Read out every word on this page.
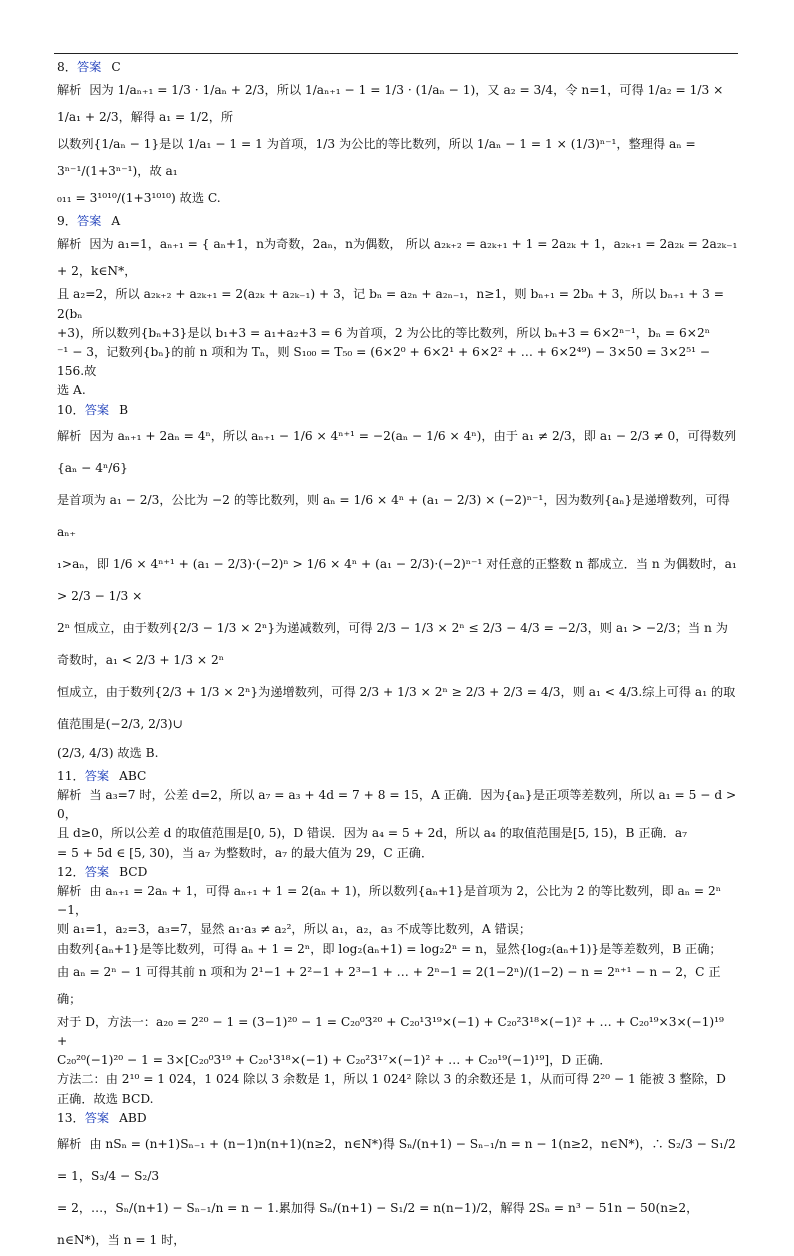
8．答案 C

解析 因为 1/aₙ₊₁ = 1/3 · 1/aₙ + 2/3，所以 1/aₙ₊₁ − 1 = 1/3 · (1/aₙ − 1)，又 a₂ = 3/4，令 n=1，可得 1/a₂ = 1/3 × 1/a₁ + 2/3，解得 a₁ = 1/2，所

以数列{1/aₙ − 1}是以 1/a₁ − 1 = 1 为首项，1/3 为公比的等比数列，所以 1/aₙ − 1 = 1 × (1/3)ⁿ⁻¹，整理得 aₙ = 3ⁿ⁻¹/(1+3ⁿ⁻¹)，故 a₁

₀₁₁ = 3¹⁰¹⁰/(1+3¹⁰¹⁰) 故选 C.

9．答案 A

解析 因为 a₁=1，aₙ₊₁ = { aₙ+1，n为奇数，2aₙ，n为偶数， 所以 a₂ₖ₊₂ = a₂ₖ₊₁ + 1 = 2a₂ₖ + 1，a₂ₖ₊₁ = 2a₂ₖ = 2a₂ₖ₋₁ + 2，k∈N*，

且 a₂=2，所以 a₂ₖ₊₂ + a₂ₖ₊₁ = 2(a₂ₖ + a₂ₖ₋₁) + 3，记 bₙ = a₂ₙ + a₂ₙ₋₁，n≥1，则 bₙ₊₁ = 2bₙ + 3，所以 bₙ₊₁ + 3 = 2(bₙ

+3)，所以数列{bₙ+3}是以 b₁+3 = a₁+a₂+3 = 6 为首项，2 为公比的等比数列，所以 bₙ+3 = 6×2ⁿ⁻¹，bₙ = 6×2ⁿ

⁻¹ − 3，记数列{bₙ}的前 n 项和为 Tₙ，则 S₁₀₀ = T₅₀ = (6×2⁰ + 6×2¹ + 6×2² + … + 6×2⁴⁹) − 3×50 = 3×2⁵¹ − 156.故

选 A.

10．答案 B

解析 因为 aₙ₊₁ + 2aₙ = 4ⁿ，所以 aₙ₊₁ − 1/6 × 4ⁿ⁺¹ = −2(aₙ − 1/6 × 4ⁿ)，由于 a₁ ≠ 2/3，即 a₁ − 2/3 ≠ 0，可得数列{aₙ − 4ⁿ/6}

是首项为 a₁ − 2/3，公比为 −2 的等比数列，则 aₙ = 1/6 × 4ⁿ + (a₁ − 2/3) × (−2)ⁿ⁻¹，因为数列{aₙ}是递增数列，可得 aₙ₊

₁>aₙ，即 1/6 × 4ⁿ⁺¹ + (a₁ − 2/3)·(−2)ⁿ > 1/6 × 4ⁿ + (a₁ − 2/3)·(−2)ⁿ⁻¹ 对任意的正整数 n 都成立．当 n 为偶数时，a₁ > 2/3 − 1/3 ×

2ⁿ 恒成立，由于数列{2/3 − 1/3 × 2ⁿ}为递减数列，可得 2/3 − 1/3 × 2ⁿ ≤ 2/3 − 4/3 = −2/3，则 a₁ > −2/3；当 n 为奇数时，a₁ < 2/3 + 1/3 × 2ⁿ

恒成立，由于数列{2/3 + 1/3 × 2ⁿ}为递增数列，可得 2/3 + 1/3 × 2ⁿ ≥ 2/3 + 2/3 = 4/3，则 a₁ < 4/3.综上可得 a₁ 的取值范围是(−2/3, 2/3)∪

(2/3, 4/3) 故选 B.

11．答案 ABC

解析 当 a₃=7 时，公差 d=2，所以 a₇ = a₃ + 4d = 7 + 8 = 15，A 正确．因为{aₙ}是正项等差数列，所以 a₁ = 5 − d > 0，

且 d≥0，所以公差 d 的取值范围是[0, 5)，D 错误．因为 a₄ = 5 + 2d，所以 a₄ 的取值范围是[5, 15)，B 正确．a₇

= 5 + 5d ∈ [5, 30)，当 a₇ 为整数时，a₇ 的最大值为 29，C 正确．

12．答案 BCD

解析 由 aₙ₊₁ = 2aₙ + 1，可得 aₙ₊₁ + 1 = 2(aₙ + 1)，所以数列{aₙ+1}是首项为 2，公比为 2 的等比数列，即 aₙ = 2ⁿ

−1，

则 a₁=1，a₂=3，a₃=7，显然 a₁·a₃ ≠ a₂²，所以 a₁，a₂，a₃ 不成等比数列，A 错误；

由数列{aₙ+1}是等比数列，可得 aₙ + 1 = 2ⁿ，即 log₂(aₙ+1) = log₂2ⁿ = n，显然{log₂(aₙ+1)}是等差数列，B 正确；

由 aₙ = 2ⁿ − 1 可得其前 n 项和为 2¹−1 + 2²−1 + 2³−1 + … + 2ⁿ−1 = 2(1−2ⁿ)/(1−2) − n = 2ⁿ⁺¹ − n − 2，C 正确；

对于 D，方法一：a₂₀ = 2²⁰ − 1 = (3−1)²⁰ − 1 = C₂₀⁰3²⁰ + C₂₀¹3¹⁹×(−1) + C₂₀²3¹⁸×(−1)² + … + C₂₀¹⁹×3×(−1)¹⁹ +

C₂₀²⁰(−1)²⁰ − 1 = 3×[C₂₀⁰3¹⁹ + C₂₀¹3¹⁸×(−1) + C₂₀²3¹⁷×(−1)² + … + C₂₀¹⁹(−1)¹⁹]，D 正确．

方法二：由 2¹⁰ = 1 024，1 024 除以 3 余数是 1，所以 1 024² 除以 3 的余数还是 1，从而可得 2²⁰ − 1 能被 3 整除，D

正确．故选 BCD.

13．答案 ABD

解析 由 nSₙ = (n+1)Sₙ₋₁ + (n−1)n(n+1)(n≥2，n∈N*)得 Sₙ/(n+1) − Sₙ₋₁/n = n − 1(n≥2，n∈N*)，∴ S₂/3 − S₁/2 = 1，S₃/4 − S₂/3

= 2，…，Sₙ/(n+1) − Sₙ₋₁/n = n − 1.累加得 Sₙ/(n+1) − S₁/2 = n(n−1)/2，解得 2Sₙ = n³ − 51n − 50(n≥2，n∈N*)，当 n = 1 时，
